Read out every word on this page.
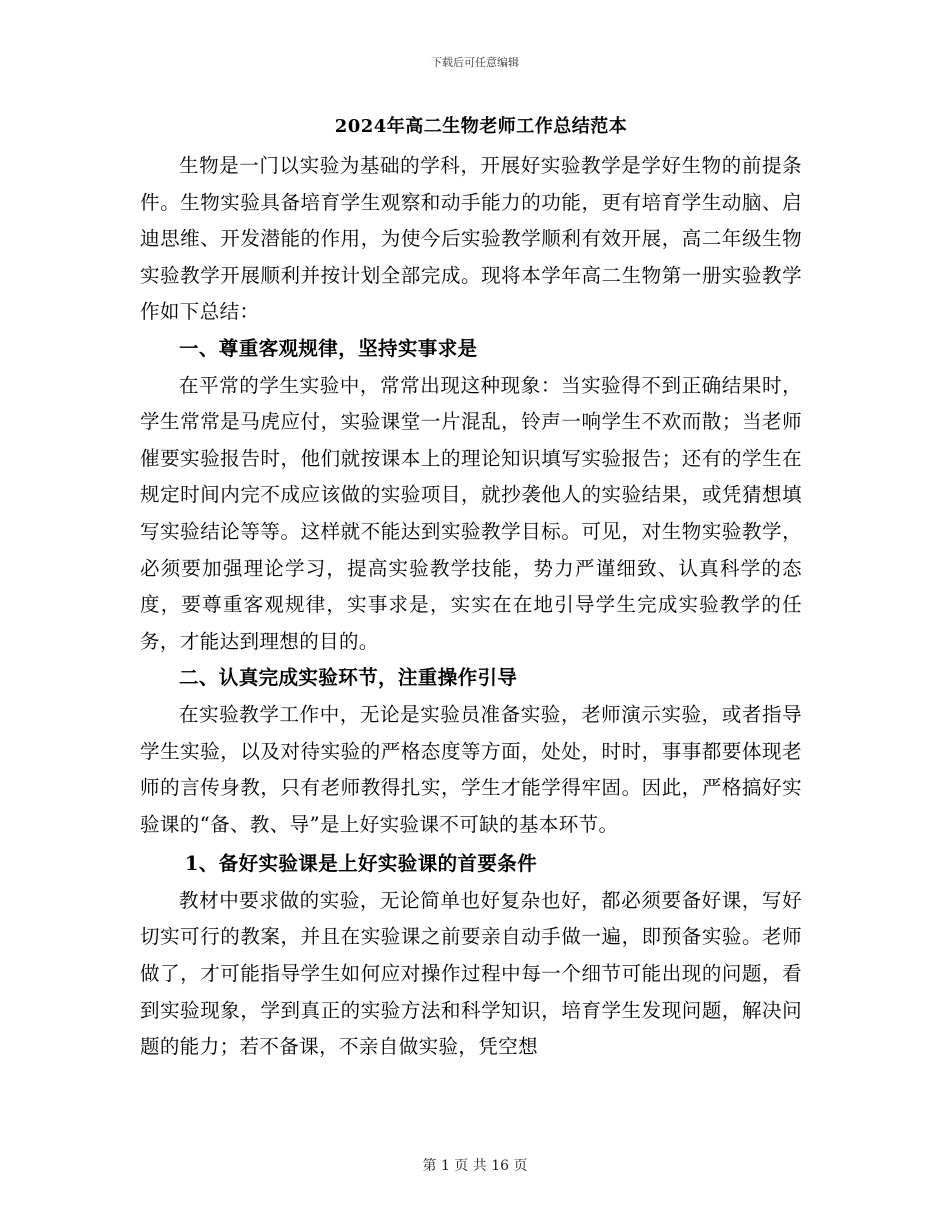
下载后可任意编辑
2024年高二生物老师工作总结范本

生物是一门以实验为基础的学科，开展好实验教学是学好生物的前提条件。生物实验具备培育学生观察和动手能力的功能，更有培育学生动脑、启迪思维、开发潜能的作用，为使今后实验教学顺利有效开展，高二年级生物实验教学开展顺利并按计划全部完成。现将本学年高二生物第一册实验教学作如下总结：

一、尊重客观规律，坚持实事求是

在平常的学生实验中，常常出现这种现象：当实验得不到正确结果时，学生常常是马虎应付，实验课堂一片混乱，铃声一响学生不欢而散；当老师催要实验报告时，他们就按课本上的理论知识填写实验报告；还有的学生在规定时间内完不成应该做的实验项目，就抄袭他人的实验结果，或凭猜想填写实验结论等等。这样就不能达到实验教学目标。可见，对生物实验教学，必须要加强理论学习，提高实验教学技能，势力严谨细致、认真科学的态度，要尊重客观规律，实事求是，实实在在地引导学生完成实验教学的任务，才能达到理想的目的。

二、认真完成实验环节，注重操作引导

在实验教学工作中，无论是实验员准备实验，老师演示实验，或者指导学生实验，以及对待实验的严格态度等方面，处处，时时，事事都要体现老师的言传身教，只有老师教得扎实，学生才能学得牢固。因此，严格搞好实验课的“备、教、导”是上好实验课不可缺的基本环节。

1、备好实验课是上好实验课的首要条件

教材中要求做的实验，无论简单也好复杂也好，都必须要备好课，写好切实可行的教案，并且在实验课之前要亲自动手做一遍，即预备实验。老师做了，才可能指导学生如何应对操作过程中每一个细节可能出现的问题，看到实验现象，学到真正的实验方法和科学知识，培育学生发现问题，解决问题的能力；若不备课，不亲自做实验，凭空想

第 1 页 共 16 页
